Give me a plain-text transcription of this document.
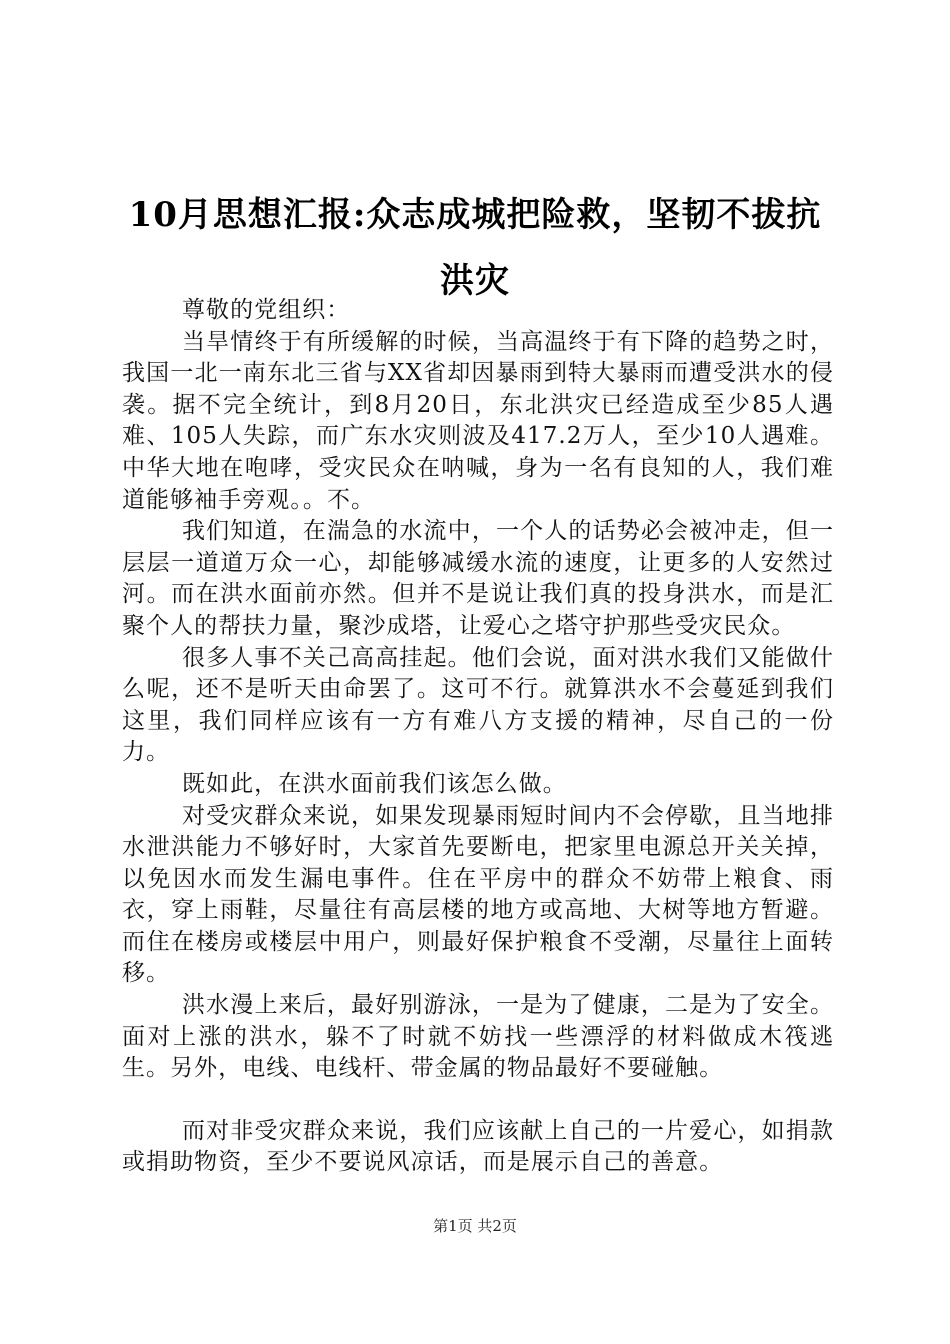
10月思想汇报:众志成城把险救，坚韧不拔抗洪灾

尊敬的党组织：

当旱情终于有所缓解的时候，当高温终于有下降的趋势之时，我国一北一南东北三省与XX省却因暴雨到特大暴雨而遭受洪水的侵袭。据不完全统计，到8月20日，东北洪灾已经造成至少85人遇难、105人失踪，而广东水灾则波及417.2万人，至少10人遇难。中华大地在咆哮，受灾民众在呐喊，身为一名有良知的人，我们难道能够袖手旁观。。不。

我们知道，在湍急的水流中，一个人的话势必会被冲走，但一层层一道道万众一心，却能够减缓水流的速度，让更多的人安然过河。而在洪水面前亦然。但并不是说让我们真的投身洪水，而是汇聚个人的帮扶力量，聚沙成塔，让爱心之塔守护那些受灾民众。

很多人事不关己高高挂起。他们会说，面对洪水我们又能做什么呢，还不是听天由命罢了。这可不行。就算洪水不会蔓延到我们这里，我们同样应该有一方有难八方支援的精神，尽自己的一份力。

既如此，在洪水面前我们该怎么做。

对受灾群众来说，如果发现暴雨短时间内不会停歇，且当地排水泄洪能力不够好时，大家首先要断电，把家里电源总开关关掉，以免因水而发生漏电事件。住在平房中的群众不妨带上粮食、雨衣，穿上雨鞋，尽量往有高层楼的地方或高地、大树等地方暂避。而住在楼房或楼层中用户，则最好保护粮食不受潮，尽量往上面转移。

洪水漫上来后，最好别游泳，一是为了健康，二是为了安全。面对上涨的洪水，躲不了时就不妨找一些漂浮的材料做成木筏逃生。另外，电线、电线杆、带金属的物品最好不要碰触。

而对非受灾群众来说，我们应该献上自己的一片爱心，如捐款或捐助物资，至少不要说风凉话，而是展示自己的善意。

第1页 共2页
